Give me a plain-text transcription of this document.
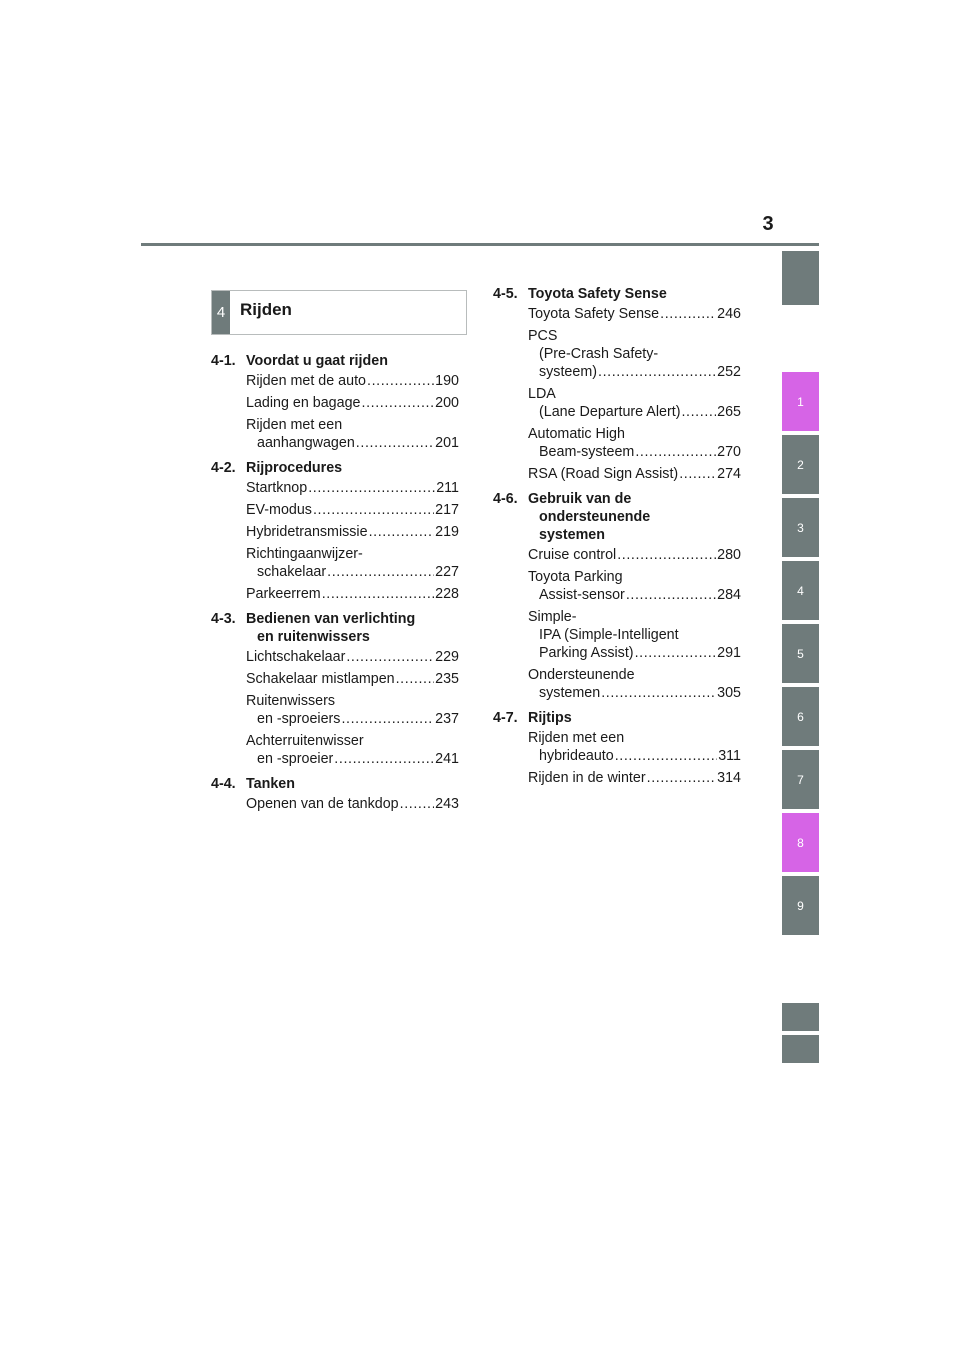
3
1
2
3
4
5
6
7
8
9
4 Rijden
4-1. Voordat u gaat rijden
Rijden met de auto .....	190
Lading en bagage .....	200
Rijden met een
aanhangwagen .....	201
4-2. Rijprocedures
Startknop .....	211
EV-modus .....	217
Hybridetransmissie .....	219
Richtingaanwijzer-
schakelaar .....	227
Parkeerrem .....	228
4-3. Bedienen van verlichting
en ruitenwissers
Lichtschakelaar .....	229
Schakelaar mistlampen .....	235
Ruitenwissers
en -sproeiers .....	237
Achterruitenwisser
en -sproeier .....	241
4-4. Tanken
Openen van de tankdop .....	243
4-5. Toyota Safety Sense
Toyota Safety Sense .....	246
PCS
(Pre-Crash Safety-
systeem) .....	252
LDA
(Lane Departure Alert) .....	265
Automatic High
Beam-systeem .....	270
RSA (Road Sign Assist) .....	274
4-6. Gebruik van de
ondersteunende
systemen
Cruise control .....	280
Toyota Parking
Assist-sensor .....	284
Simple-
IPA (Simple-Intelligent
Parking Assist) .....	291
Ondersteunende
systemen .....	305
4-7. Rijtips
Rijden met een
hybrideauto .....	311
Rijden in de winter .....	314
